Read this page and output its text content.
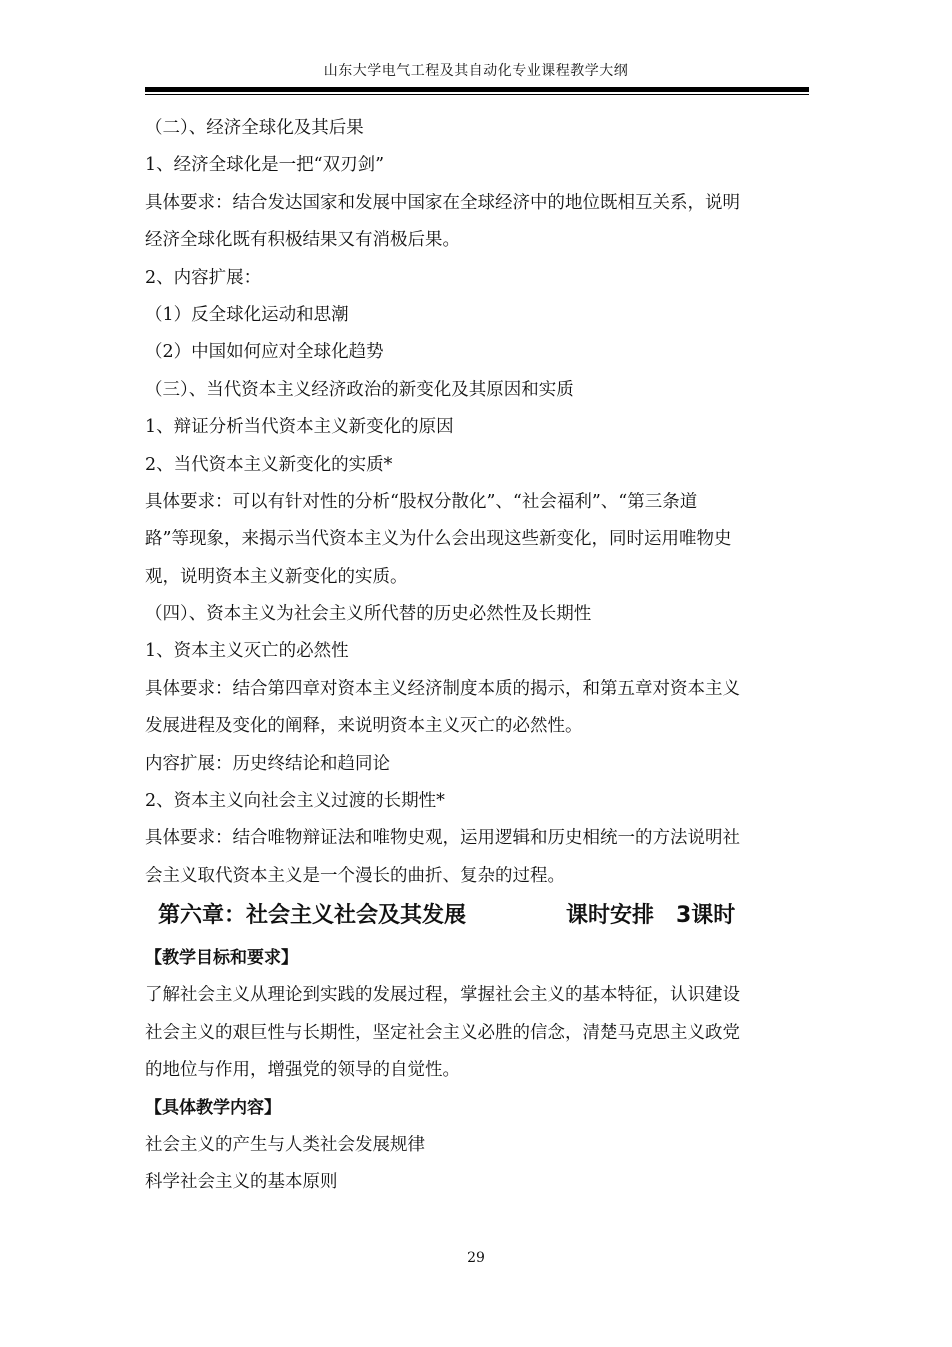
山东大学电气工程及其自动化专业课程教学大纲
（二）、经济全球化及其后果
1、经济全球化是一把“双刃剑”
具体要求：结合发达国家和发展中国家在全球经济中的地位既相互关系，说明
经济全球化既有积极结果又有消极后果。
2、内容扩展：
（1）反全球化运动和思潮
（2）中国如何应对全球化趋势
（三）、当代资本主义经济政治的新变化及其原因和实质
1、辩证分析当代资本主义新变化的原因
2、当代资本主义新变化的实质*
具体要求：可以有针对性的分析“股权分散化”、“社会福利”、“第三条道
路”等现象，来揭示当代资本主义为什么会出现这些新变化，同时运用唯物史
观，说明资本主义新变化的实质。
（四）、资本主义为社会主义所代替的历史必然性及长期性
1、资本主义灭亡的必然性
具体要求：结合第四章对资本主义经济制度本质的揭示，和第五章对资本主义
发展进程及变化的阐释，来说明资本主义灭亡的必然性。
内容扩展：历史终结论和趋同论
2、资本主义向社会主义过渡的长期性*
具体要求：结合唯物辩证法和唯物史观，运用逻辑和历史相统一的方法说明社
会主义取代资本主义是一个漫长的曲折、复杂的过程。
第六章：社会主义社会及其发展	课时安排　3课时
【教学目标和要求】
了解社会主义从理论到实践的发展过程，掌握社会主义的基本特征，认识建设
社会主义的艰巨性与长期性，坚定社会主义必胜的信念，清楚马克思主义政党
的地位与作用，增强党的领导的自觉性。
【具体教学内容】
社会主义的产生与人类社会发展规律
科学社会主义的基本原则
29
